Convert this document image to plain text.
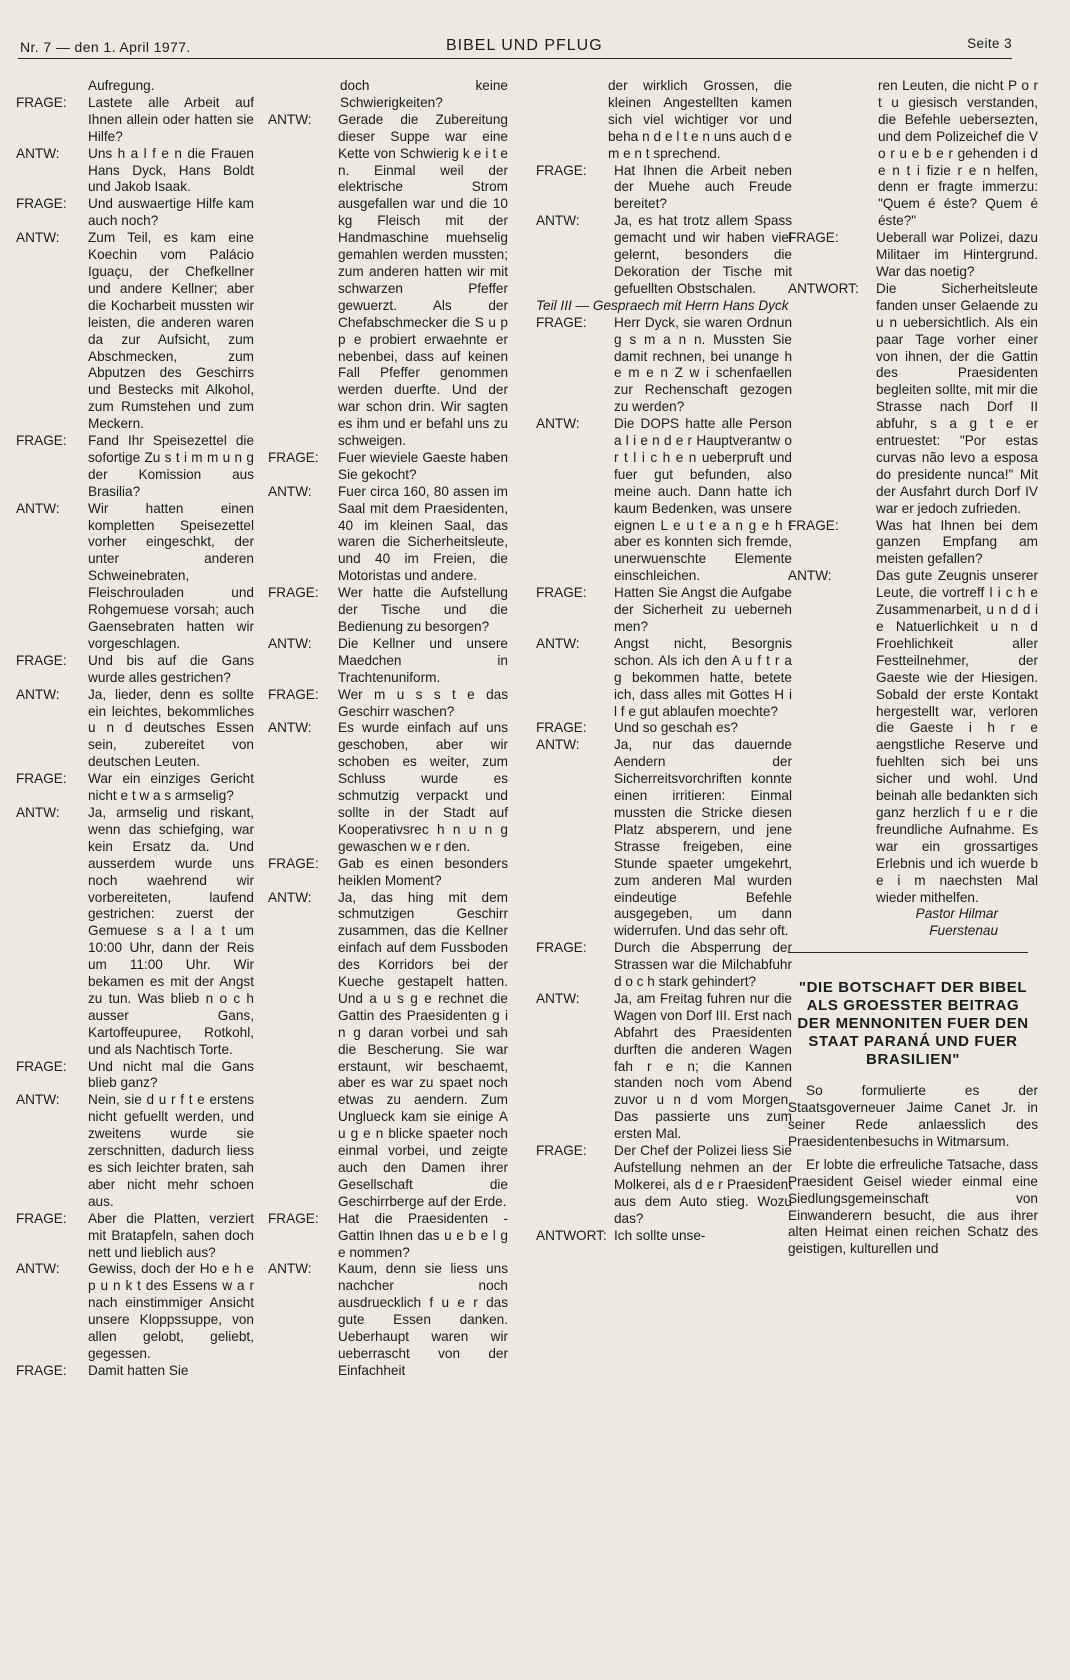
Nr. 7 — den 1. April 1977.	BIBEL UND PFLUG	Seite 3
Aufregung.
FRAGE:	Lastete alle Arbeit auf Ihnen allein oder hatten sie Hilfe?
ANTW:	Uns h a l f e n die Frauen Hans Dyck, Hans Boldt und Jakob Isaak.
FRAGE:	Und auswaertige Hilfe kam auch noch?
ANTW:	Zum Teil, es kam eine Koechin vom Palácio Iguaçu, der Chefkellner und andere Kellner; aber die Kocharbeit mussten wir leisten, die anderen waren da zur Aufsicht, zum Abschmecken, zum Abputzen des Geschirrs und Bestecks mit Alkohol, zum Rumstehen und zum Meckern.
FRAGE:	Fand Ihr Speisezettel die sofortige Zu s t i m m u n g der Komission aus Brasilia?
ANTW:	Wir hatten einen kompletten Speisezettel vorher eingeschkt, der unter anderen Schweinebraten, Fleischrouladen und Rohgemuese vorsah; auch Gaensebraten hatten wir vorgeschlagen.
FRAGE:	Und bis auf die Gans wurde alles gestrichen?
ANTW:	Ja, lieder, denn es sollte ein leichtes, bekommliches u n d deutsches Essen sein, zubereitet von deutschen Leuten.
FRAGE:	War ein einziges Gericht nicht e t w a s armselig?
ANTW:	Ja, armselig und riskant, wenn das schiefging, war kein Ersatz da. Und ausserdem wurde uns noch waehrend wir vorbereiteten, laufend gestrichen: zuerst der Gemuese s a l a t um 10:00 Uhr, dann der Reis um 11:00 Uhr. Wir bekamen es mit der Angst zu tun. Was blieb n o c h ausser Gans, Kartoffeupuree, Rotkohl, und als Nachtisch Torte.
FRAGE:	Und nicht mal die Gans blieb ganz?
ANTW:	Nein, sie d u r f t e erstens nicht gefuellt werden, und zweitens wurde sie zerschnitten, dadurch liess es sich leichter braten, sah aber nicht mehr schoen aus.
FRAGE:	Aber die Platten, verziert mit Bratapfeln, sahen doch nett und lieblich aus?
ANTW:	Gewiss, doch der Ho e h e p u n k t des Essens w a r nach einstimmiger Ansicht unsere Kloppssuppe, von allen gelobt, geliebt, gegessen.
FRAGE:	Damit hatten Sie
doch keine Schwierigkeiten?
ANTW:	Gerade die Zubereitung dieser Suppe war eine Kette von Schwierig k e i t e n. Einmal weil der elektrische Strom ausgefallen war und die 10 kg Fleisch mit der Handmaschine muehselig gemahlen werden mussten; zum anderen hatten wir mit schwarzen Pfeffer gewuerzt. Als der Chefabschmecker die S u p p e probiert erwaehnte er nebenbei, dass auf keinen Fall Pfeffer genommen werden duerfte. Und der war schon drin. Wir sagten es ihm und er befahl uns zu schweigen.
FRAGE:	Fuer wieviele Gaeste haben Sie gekocht?
ANTW:	Fuer circa 160, 80 assen im Saal mit dem Praesidenten, 40 im kleinen Saal, das waren die Sicherheitsleute, und 40 im Freien, die Motoristas und andere.
FRAGE:	Wer hatte die Aufstellung der Tische und die Bedienung zu besorgen?
ANTW:	Die Kellner und unsere Maedchen in Trachtenuniform.
FRAGE:	Wer m u s s t e das Geschirr waschen?
ANTW:	Es wurde einfach auf uns geschoben, aber wir schoben es weiter, zum Schluss wurde es schmutzig verpackt und sollte in der Stadt auf Kooperativsrec h n u n g gewaschen w e r den.
FRAGE:	Gab es einen besonders heiklen Moment?
ANTW:	Ja, das hing mit dem schmutzigen Geschirr zusammen, das die Kellner einfach auf dem Fussboden des Korridors bei der Kueche gestapelt hatten. Und a u s g e rechnet die Gattin des Praesidenten g i n g daran vorbei und sah die Bescherung. Sie war erstaunt, wir beschaemt, aber es war zu spaet noch etwas zu aendern. Zum Unglueck kam sie einige A u g e n blicke spaeter noch einmal vorbei, und zeigte auch den Damen ihrer Gesellschaft die Geschirrberge auf der Erde.
FRAGE:	Hat die Praesidenten - Gattin Ihnen das u e b e l g e nommen?
ANTW:	Kaum, denn sie liess uns nachcher noch ausdruecklich f u e r das gute Essen danken. Ueberhaupt waren wir ueberrascht von der Einfachheit
der wirklich Grossen, die kleinen Angestellten kamen sich viel wichtiger vor und beha n d e l t e n uns auch d e m e n t sprechend.
FRAGE:	Hat Ihnen die Arbeit neben der Muehe auch Freude bereitet?
ANTW:	Ja, es hat trotz allem Spass gemacht und wir haben viel gelernt, besonders die Dekoration der Tische mit gefuellten Obstschalen.
Teil III — Gespraech mit Herrn Hans Dyck
FRAGE:	Herr Dyck, sie waren Ordnun g s m a n n. Mussten Sie damit rechnen, bei unange h e m e n Z w i schenfaellen zur Rechenschaft gezogen zu werden?
ANTW:	Die DOPS hatte alle Person a l i e n d e r Hauptverantw o r t l i c h e n ueberpruft und fuer gut befunden, also meine auch. Dann hatte ich kaum Bedenken, was unsere eignen L e u t e a n g e h t aber es konnten sich fremde, unerwuenschte Elemente einschleichen.
FRAGE:	Hatten Sie Angst die Aufgabe der Sicherheit zu ueberneh men?
ANTW:	Angst nicht, Besorgnis schon. Als ich den A u f t r a g bekommen hatte, betete ich, dass alles mit Gottes H i l f e gut ablaufen moechte?
FRAGE:	Und so geschah es?
ANTW:	Ja, nur das dauernde Aendern der Sicherreitsvorchriften konnte einen irritieren: Einmal mussten die Stricke diesen Platz absperern, und jene Strasse freigeben, eine Stunde spaeter umgekehrt, zum anderen Mal wurden eindeutige Befehle ausgegeben, um dann widerrufen. Und das sehr oft.
FRAGE:	Durch die Absperrung der Strassen war die Milchabfuhr d o c h stark gehindert?
ANTW:	Ja, am Freitag fuhren nur die Wagen von Dorf III. Erst nach Abfahrt des Praesidenten durften die anderen Wagen fah r e n; die Kannen standen noch vom Abend zuvor u n d vom Morgen. Das passierte uns zum ersten Mal.
FRAGE:	Der Chef der Polizei liess Sie Aufstellung nehmen an der Molkerei, als d e r Praesident aus dem Auto stieg. Wozu das?
ANTWORT: Ich sollte unse-
ren Leuten, die nicht P o r t u giesisch verstanden, die Befehle uebersezten, und dem Polizeichef die V o r u e b e r gehenden i d e n t i fizie r e n helfen, denn er fragte immerzu: "Quem é éste? Quem é éste?"
FRAGE:	Ueberall war Polizei, dazu Militaer im Hintergrund. War das noetig?
ANTWORT:	Die Sicherheitsleute fanden unser Gelaende zu u n uebersichtlich. Als ein paar Tage vorher einer von ihnen, der die Gattin des Praesidenten begleiten sollte, mit mir die Strasse nach Dorf II abfuhr, s a g t e er entruestet: "Por estas curvas não levo a esposa do presidente nunca!" Mit der Ausfahrt durch Dorf IV war er jedoch zufrieden.
FRAGE:	Was hat Ihnen bei dem ganzen Empfang am meisten gefallen?
ANTW:	Das gute Zeugnis unserer Leute, die vortreff l i c h e Zusammenarbeit, u n d d i e Natuerlichkeit u n d Froehlichkeit aller Festteilnehmer, der Gaeste wie der Hiesigen. Sobald der erste Kontakt hergestellt war, verloren die Gaeste i h r e aengstliche Reserve und fuehlten sich bei uns sicher und wohl. Und beinah alle bedankten sich ganz herzlich f u e r die freundliche Aufnahme. Es war ein grossartiges Erlebnis und ich wuerde b e i m naechsten Mal wieder mithelfen.
Pastor Hilmar
Fuerstenau
"DIE BOTSCHAFT DER BIBEL ALS GROESSTER BEITRAG DER MENNONITEN FUER DEN STAAT PARANÁ UND FUER BRASILIEN"
So formulierte es der Staatsgoverneuer Jaime Canet Jr. in seiner Rede anlaesslich des Praesidentenbesuchs in Witmarsum.
Er lobte die erfreuliche Tatsache, dass Praesident Geisel wieder einmal eine Siedlungsgemeinschaft von Einwanderern besucht, die aus ihrer alten Heimat einen reichen Schatz des geistigen, kulturellen und
